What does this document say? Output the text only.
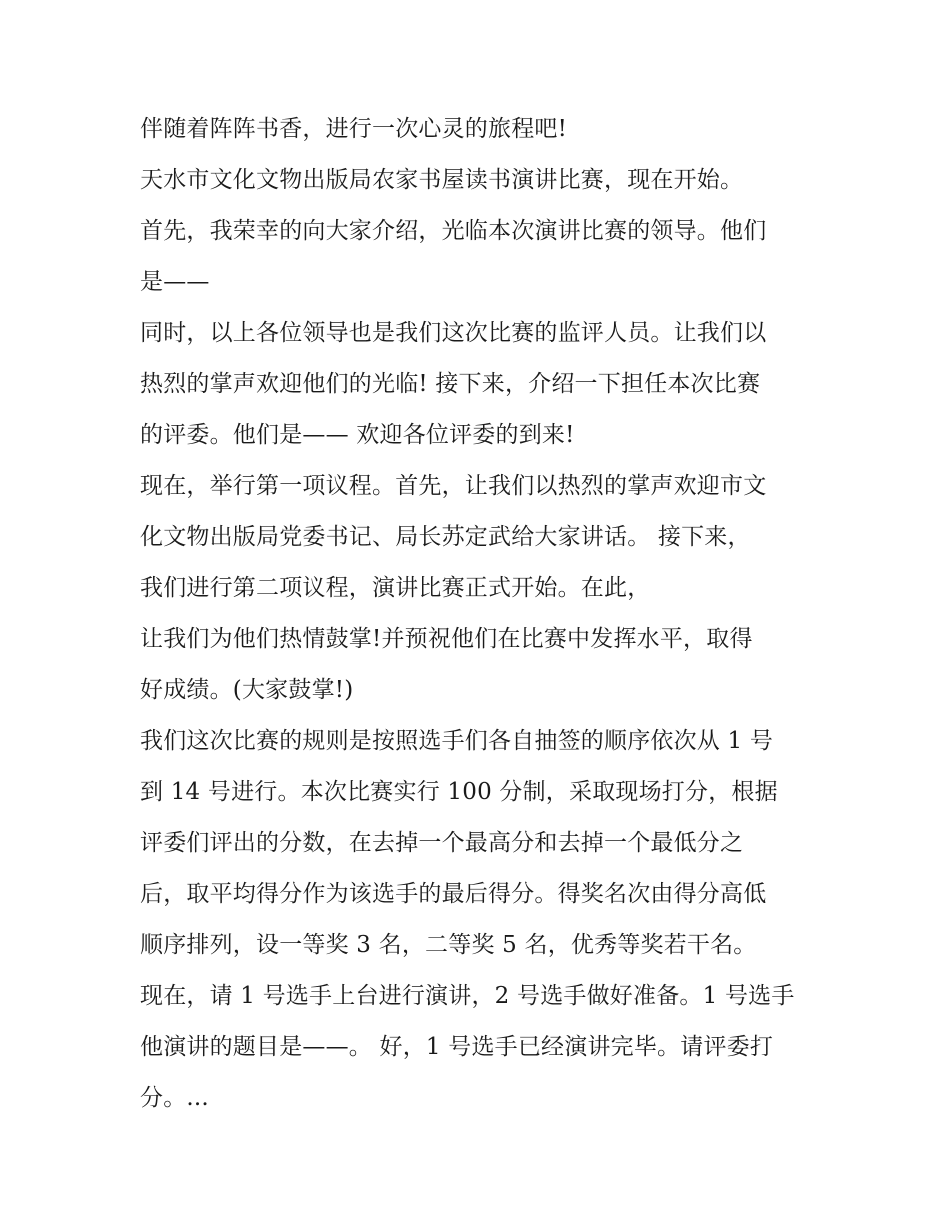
伴随着阵阵书香，进行一次心灵的旅程吧!
天水市文化文物出版局农家书屋读书演讲比赛，现在开始。
首先，我荣幸的向大家介绍，光临本次演讲比赛的领导。他们
是——
同时，以上各位领导也是我们这次比赛的监评人员。让我们以
热烈的掌声欢迎他们的光临! 接下来，介绍一下担任本次比赛
的评委。他们是—— 欢迎各位评委的到来!
现在，举行第一项议程。首先，让我们以热烈的掌声欢迎市文
化文物出版局党委书记、局长苏定武给大家讲话。 接下来，
我们进行第二项议程，演讲比赛正式开始。在此，
让我们为他们热情鼓掌!并预祝他们在比赛中发挥水平，取得
好成绩。(大家鼓掌!)
我们这次比赛的规则是按照选手们各自抽签的顺序依次从 1 号
到 14 号进行。本次比赛实行 100 分制，采取现场打分，根据
评委们评出的分数，在去掉一个最高分和去掉一个最低分之
后，取平均得分作为该选手的最后得分。得奖名次由得分高低
顺序排列，设一等奖 3 名，二等奖 5 名，优秀等奖若干名。
现在，请 1 号选手上台进行演讲，2 号选手做好准备。1 号选手
他演讲的题目是——。 好，1 号选手已经演讲完毕。请评委打
分。...
